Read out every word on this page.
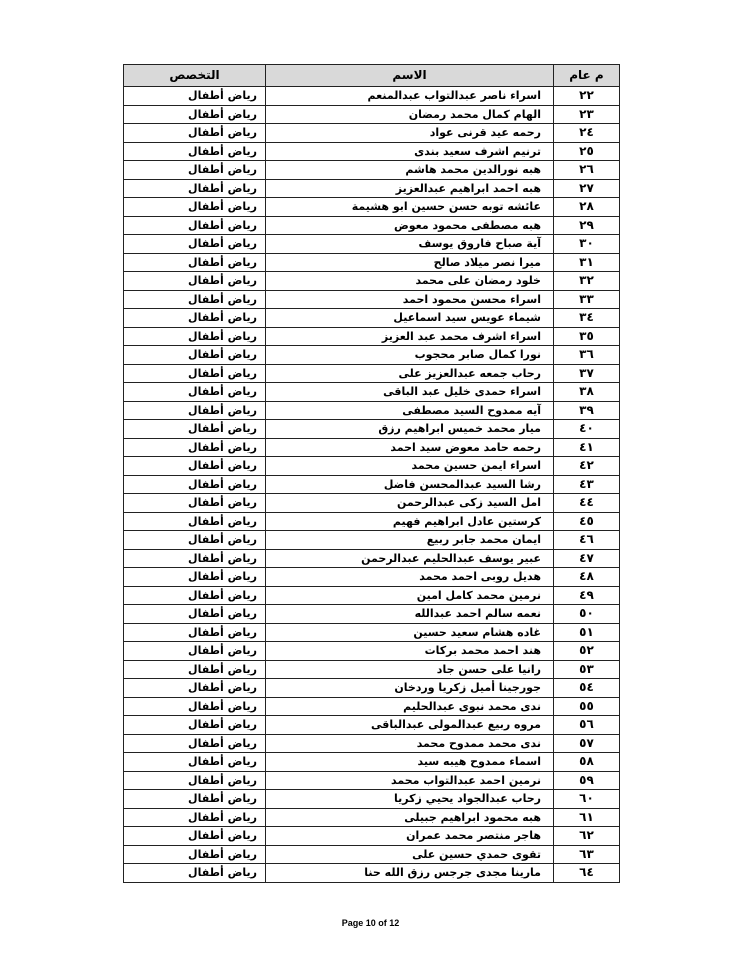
م عام	الاسم	التخصص
٢٢	اسراء ناصر عبدالتواب عبدالمنعم	رياض أطفال
٢٣	الهام كمال محمد رمضان	رياض أطفال
٢٤	رحمه عيد قرنى عواد	رياض أطفال
٢٥	ترنيم اشرف سعيد بندى	رياض أطفال
٢٦	هبه نورالدين محمد هاشم	رياض أطفال
٢٧	هبه احمد ابراهيم عبدالعزيز	رياض أطفال
٢٨	عائشه توبه حسن حسين ابو هشيمة	رياض أطفال
٢٩	هبه مصطفى محمود معوض	رياض أطفال
٣٠	آية صباح فاروق يوسف	رياض أطفال
٣١	ميرا نصر ميلاد صالح	رياض أطفال
٣٢	خلود رمضان على محمد	رياض أطفال
٣٣	اسراء محسن محمود احمد	رياض أطفال
٣٤	شيماء عويس سيد اسماعيل	رياض أطفال
٣٥	اسراء اشرف محمد عبد العزيز	رياض أطفال
٣٦	نورا كمال صابر محجوب	رياض أطفال
٣٧	رحاب جمعه عبدالعزيز على	رياض أطفال
٣٨	اسراء حمدى خليل عبد الباقى	رياض أطفال
٣٩	آيه ممدوح السيد مصطفى	رياض أطفال
٤٠	ميار محمد خميس ابراهيم رزق	رياض أطفال
٤١	رحمه حامد معوض سيد احمد	رياض أطفال
٤٢	اسراء ايمن حسين محمد	رياض أطفال
٤٣	رشا السيد عبدالمحسن فاضل	رياض أطفال
٤٤	امل السيد زكى عبدالرحمن	رياض أطفال
٤٥	كرستين عادل ابراهيم فهيم	رياض أطفال
٤٦	ايمان محمد جابر ربيع	رياض أطفال
٤٧	عبير يوسف عبدالحليم عبدالرحمن	رياض أطفال
٤٨	هديل روبى احمد محمد	رياض أطفال
٤٩	نرمين محمد كامل امين	رياض أطفال
٥٠	نعمه سالم احمد عبدالله	رياض أطفال
٥١	غاده هشام سعيد حسين	رياض أطفال
٥٢	هند احمد محمد بركات	رياض أطفال
٥٣	رانيا على حسن جاد	رياض أطفال
٥٤	جورجينا أميل زكريا وردخان	رياض أطفال
٥٥	ندى محمد نبوى عبدالحليم	رياض أطفال
٥٦	مروه ربيع عبدالمولى عبدالباقى	رياض أطفال
٥٧	ندى محمد ممدوح محمد	رياض أطفال
٥٨	اسماء ممدوح هيبه سيد	رياض أطفال
٥٩	نرمين احمد عبدالتواب محمد	رياض أطفال
٦٠	رحاب عبدالجواد يحيي زكريا	رياض أطفال
٦١	هبه محمود ابراهيم جبيلى	رياض أطفال
٦٢	هاجر منتصر محمد عمران	رياض أطفال
٦٣	تقوى حمدي حسين على	رياض أطفال
٦٤	مارينا مجدى جرجس رزق الله حنا	رياض أطفال
Page 10 of 12
